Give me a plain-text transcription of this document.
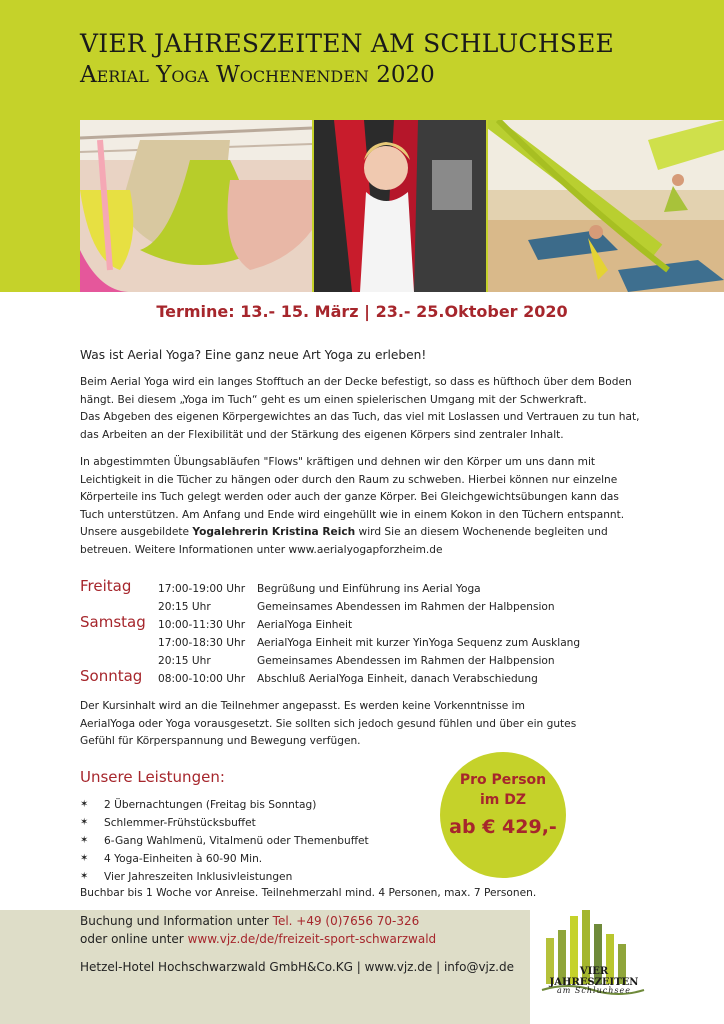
VIER JAHRESZEITEN AM SCHLUCHSEE
Aerial Yoga Wochenenden 2020
Termine: 13.- 15. März | 23.- 25.Oktober 2020
Was ist Aerial Yoga? Eine ganz neue Art Yoga zu erleben!
Beim Aerial Yoga wird ein langes Stofftuch an der Decke befestigt, so dass es hüfthoch über dem Boden
hängt. Bei diesem „Yoga im Tuch“ geht es um einen spielerischen Umgang mit der Schwerkraft.
Das Abgeben des eigenen Körpergewichtes an das Tuch, das viel mit Loslassen und Vertrauen zu tun hat,
das Arbeiten an der Flexibilität und der Stärkung des eigenen Körpers sind zentraler Inhalt.
In abgestimmten Übungsabläufen "Flows" kräftigen und dehnen wir den Körper um uns dann mit
Leichtigkeit in die Tücher zu hängen oder durch den Raum zu schweben. Hierbei können nur einzelne
Körperteile ins Tuch gelegt werden oder auch der ganze Körper. Bei Gleichgewichtsübungen kann das
Tuch unterstützen. Am Anfang und Ende wird eingehüllt wie in einem Kokon in den Tüchern entspannt.
Unsere ausgebildete Yogalehrerin Kristina Reich wird Sie an diesem Wochenende begleiten und
betreuen. Weitere Informationen unter www.aerialyogapforzheim.de
Freitag	17:00-19:00 Uhr Begrüßung und Einführung ins Aerial Yoga
20:15 Uhr	Gemeinsames Abendessen im Rahmen der Halbpension
Samstag 10:00-11:30 Uhr AerialYoga Einheit
17:00-18:30 Uhr AerialYoga Einheit mit kurzer YinYoga Sequenz zum Ausklang
20:15 Uhr	Gemeinsames Abendessen im Rahmen der Halbpension
Sonntag 08:00-10:00 Uhr Abschluß AerialYoga Einheit, danach Verabschiedung
Der Kursinhalt wird an die Teilnehmer angepasst. Es werden keine Vorkenntnisse im
AerialYoga oder Yoga vorausgesetzt. Sie sollten sich jedoch gesund fühlen und über ein gutes
Gefühl für Körperspannung und Bewegung verfügen.
Unsere Leistungen:
✶ 2 Übernachtungen (Freitag bis Sonntag)
✶ Schlemmer-Frühstücksbuffet
✶ 6-Gang Wahlmenü, Vitalmenü oder Themenbuffet
✶ 4 Yoga-Einheiten à 60-90 Min.
✶ Vier Jahreszeiten Inklusivleistungen
Buchbar bis 1 Woche vor Anreise. Teilnehmerzahl mind. 4 Personen, max. 7 Personen.
Pro Person
im DZ
ab € 429,-
Buchung und Information unter Tel. +49 (0)7656 70-326
oder online unter www.vjz.de/de/freizeit-sport-schwarzwald
Hetzel-Hotel Hochschwarzwald GmbH&Co.KG | www.vjz.de | info@vjz.de	VIER JAHRESZEITEN
am Schluchsee
